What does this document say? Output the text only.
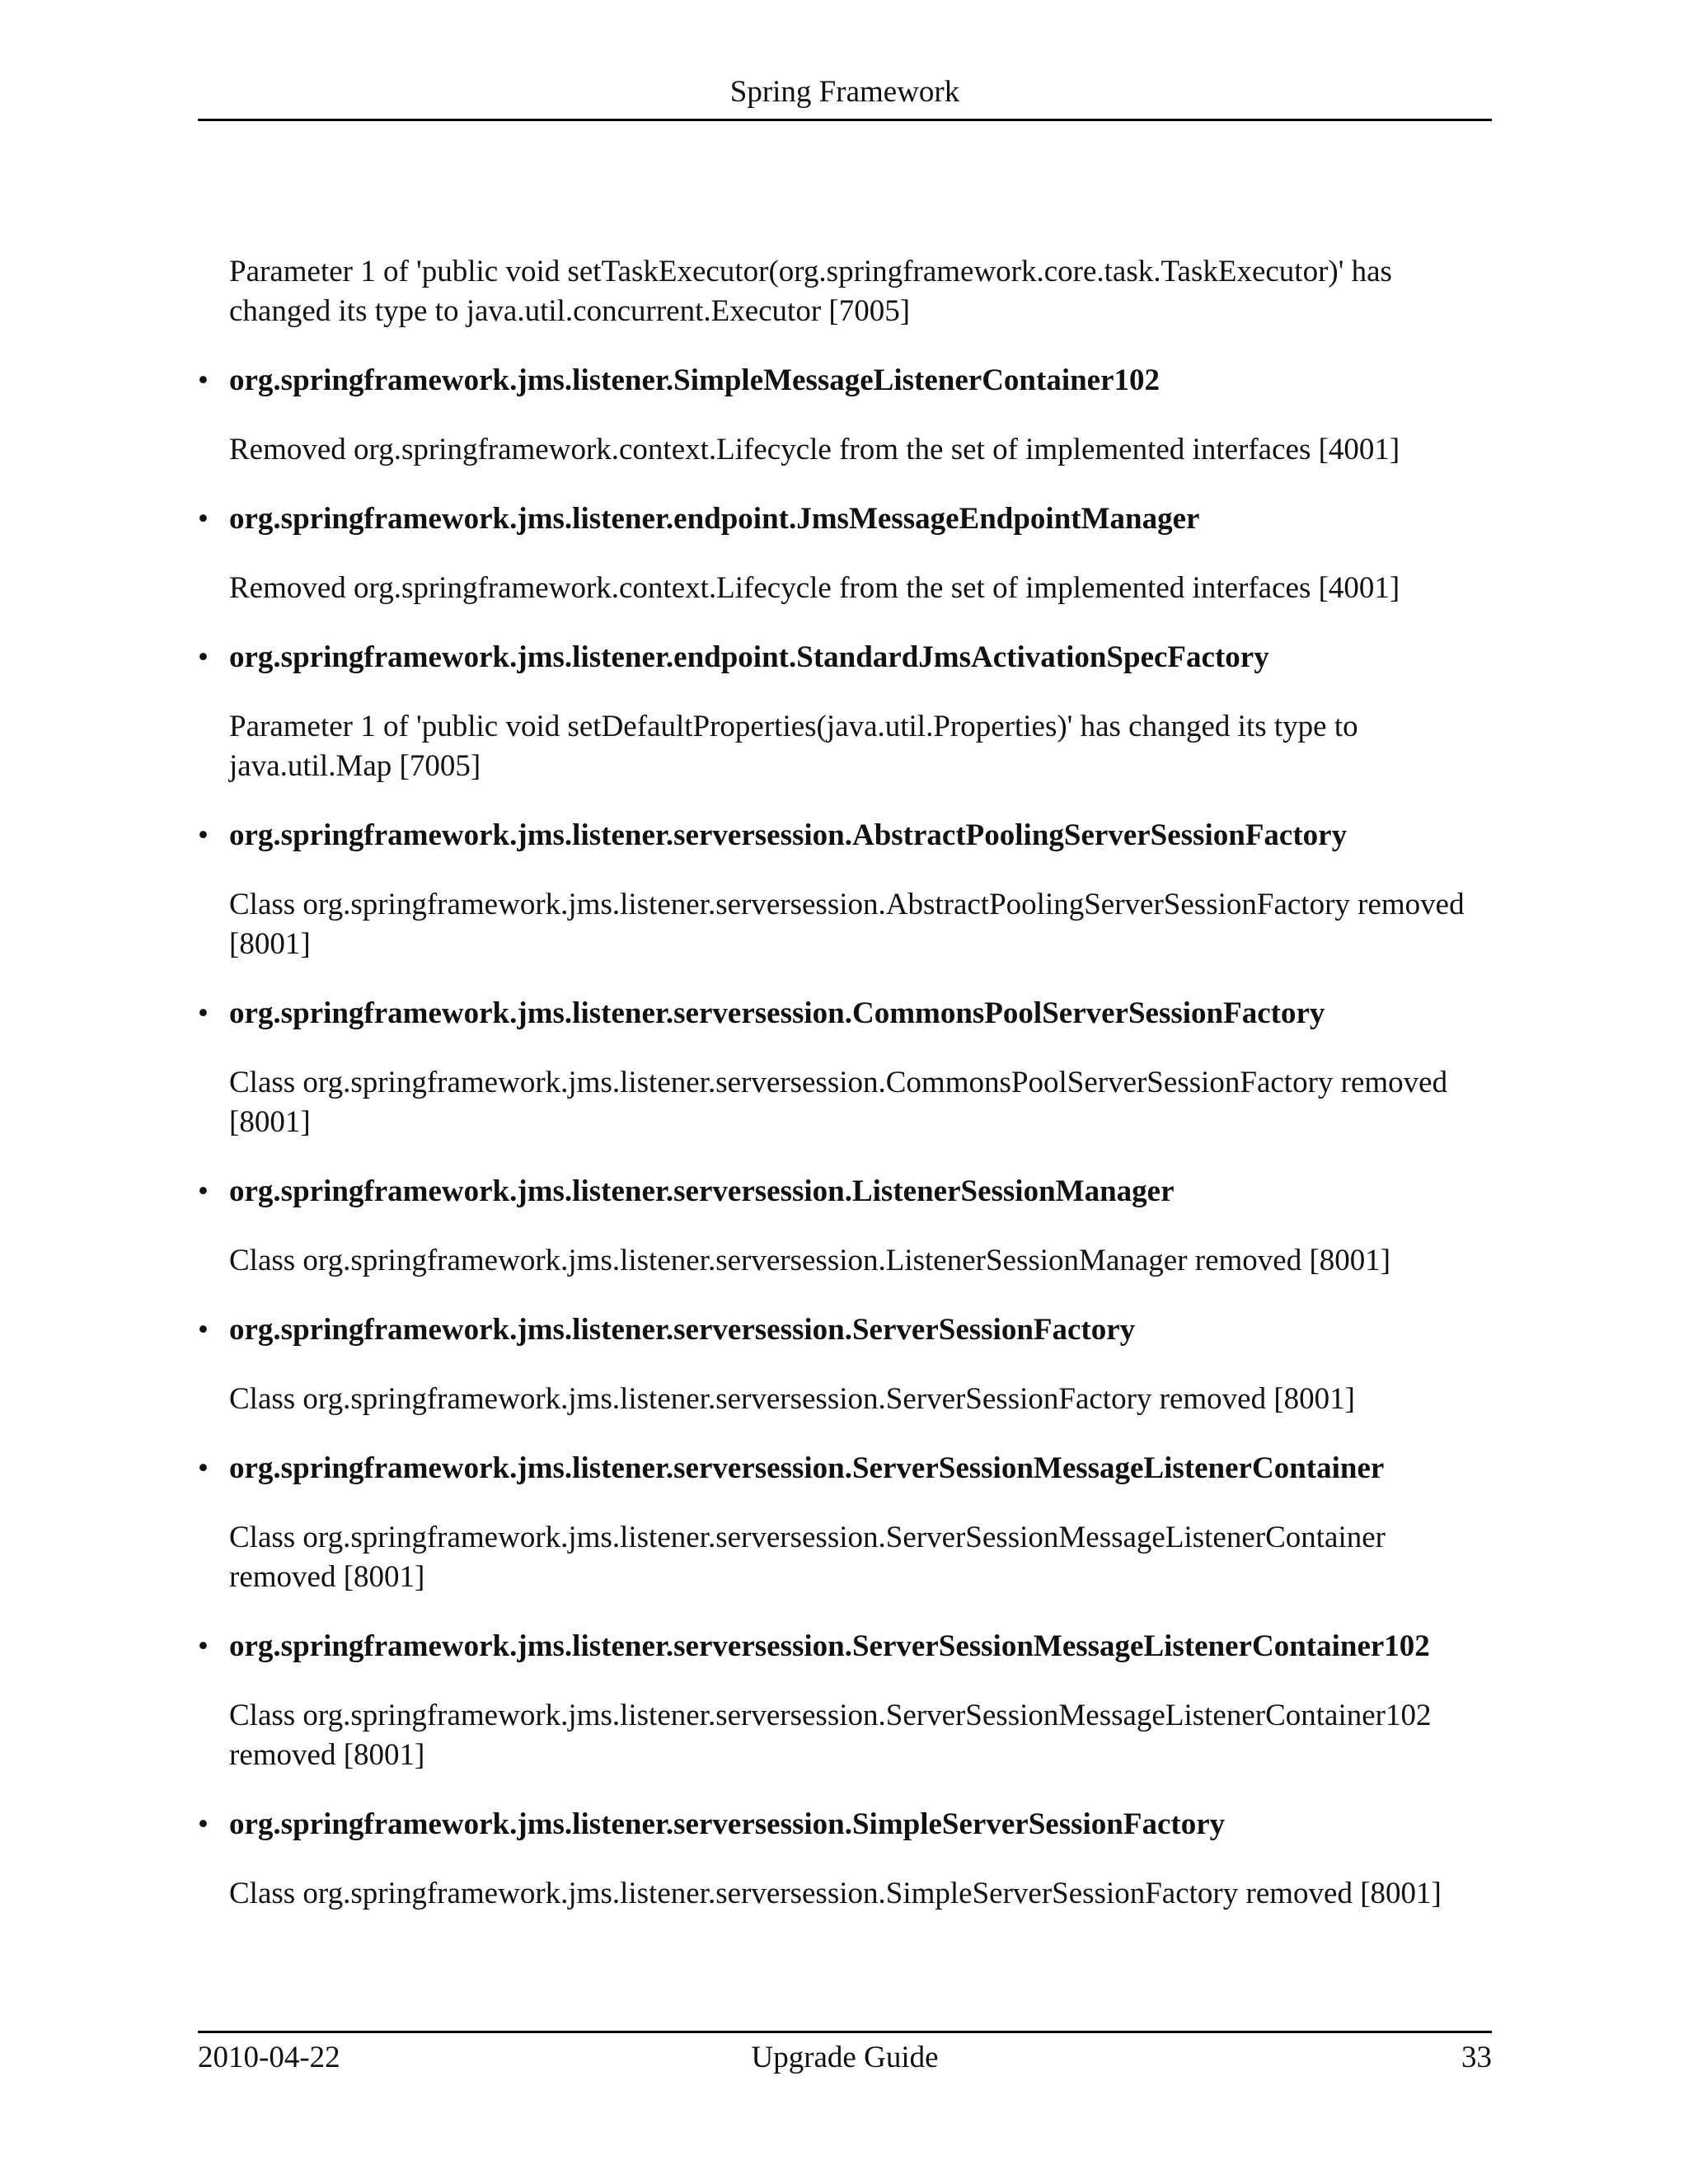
Spring Framework

Parameter 1 of 'public void setTaskExecutor(org.springframework.core.task.TaskExecutor)' has changed its type to java.util.concurrent.Executor [7005]

• org.springframework.jms.listener.SimpleMessageListenerContainer102

Removed org.springframework.context.Lifecycle from the set of implemented interfaces [4001]

• org.springframework.jms.listener.endpoint.JmsMessageEndpointManager

Removed org.springframework.context.Lifecycle from the set of implemented interfaces [4001]

• org.springframework.jms.listener.endpoint.StandardJmsActivationSpecFactory

Parameter 1 of 'public void setDefaultProperties(java.util.Properties)' has changed its type to java.util.Map [7005]

• org.springframework.jms.listener.serversession.AbstractPoolingServerSessionFactory

Class org.springframework.jms.listener.serversession.AbstractPoolingServerSessionFactory removed [8001]

• org.springframework.jms.listener.serversession.CommonsPoolServerSessionFactory

Class org.springframework.jms.listener.serversession.CommonsPoolServerSessionFactory removed [8001]

• org.springframework.jms.listener.serversession.ListenerSessionManager

Class org.springframework.jms.listener.serversession.ListenerSessionManager removed [8001]

• org.springframework.jms.listener.serversession.ServerSessionFactory

Class org.springframework.jms.listener.serversession.ServerSessionFactory removed [8001]

• org.springframework.jms.listener.serversession.ServerSessionMessageListenerContainer

Class org.springframework.jms.listener.serversession.ServerSessionMessageListenerContainer removed [8001]

• org.springframework.jms.listener.serversession.ServerSessionMessageListenerContainer102

Class org.springframework.jms.listener.serversession.ServerSessionMessageListenerContainer102 removed [8001]

• org.springframework.jms.listener.serversession.SimpleServerSessionFactory

Class org.springframework.jms.listener.serversession.SimpleServerSessionFactory removed [8001]

2010-04-22	Upgrade Guide	33
